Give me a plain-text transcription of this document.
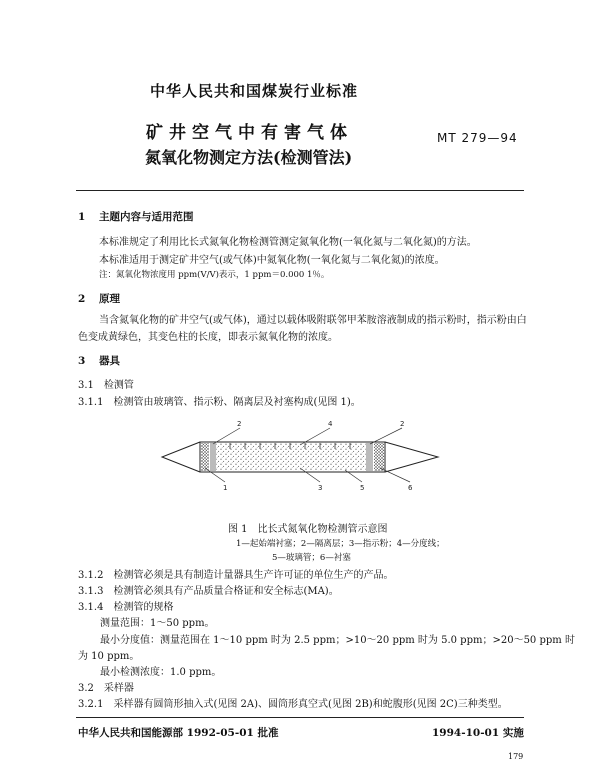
中华人民共和国煤炭行业标准
矿井空气中有害气体
氮氧化物测定方法(检测管法)
MT 279—94
1 主题内容与适用范围
本标准规定了利用比长式氮氧化物检测管测定氮氧化物(一氧化氮与二氧化氮)的方法。
本标准适用于测定矿井空气(或气体)中氮氧化物(一氧化氮与二氧化氮)的浓度。
注：氮氧化物浓度用 ppm(V/V)表示，1 ppm＝0.000 1％。
2 原理
当含氮氧化物的矿井空气(或气体)，通过以载体吸附联邻甲苯胺溶液制成的指示粉时，指示粉由白
色变成黄绿色，其变色柱的长度，即表示氮氧化物的浓度。
3 器具
3.1　检测管
3.1.1　检测管由玻璃管、指示粉、隔离层及衬塞构成(见图 1)。
2	4	2
1	3	5	6
图 1　比长式氮氧化物检测管示意图
1—起始端衬塞；2—隔离层；3—指示粉；4—分度线；
5—玻璃管；6—衬塞
3.1.2　检测管必须是具有制造计量器具生产许可证的单位生产的产品。
3.1.3　检测管必须具有产品质量合格证和安全标志(MA)。
3.1.4　检测管的规格
测量范围：1～50 ppm。
最小分度值：测量范围在 1～10 ppm 时为 2.5 ppm；>10～20 ppm 时为 5.0 ppm；>20～50 ppm 时
为 10 ppm。
最小检测浓度：1.0 ppm。
3.2　采样器
3.2.1　采样器有圆筒形抽入式(见图 2A)、圆筒形真空式(见图 2B)和蛇腹形(见图 2C)三种类型。
中华人民共和国能源部 1992-05-01 批准	1994-10-01 实施
179
